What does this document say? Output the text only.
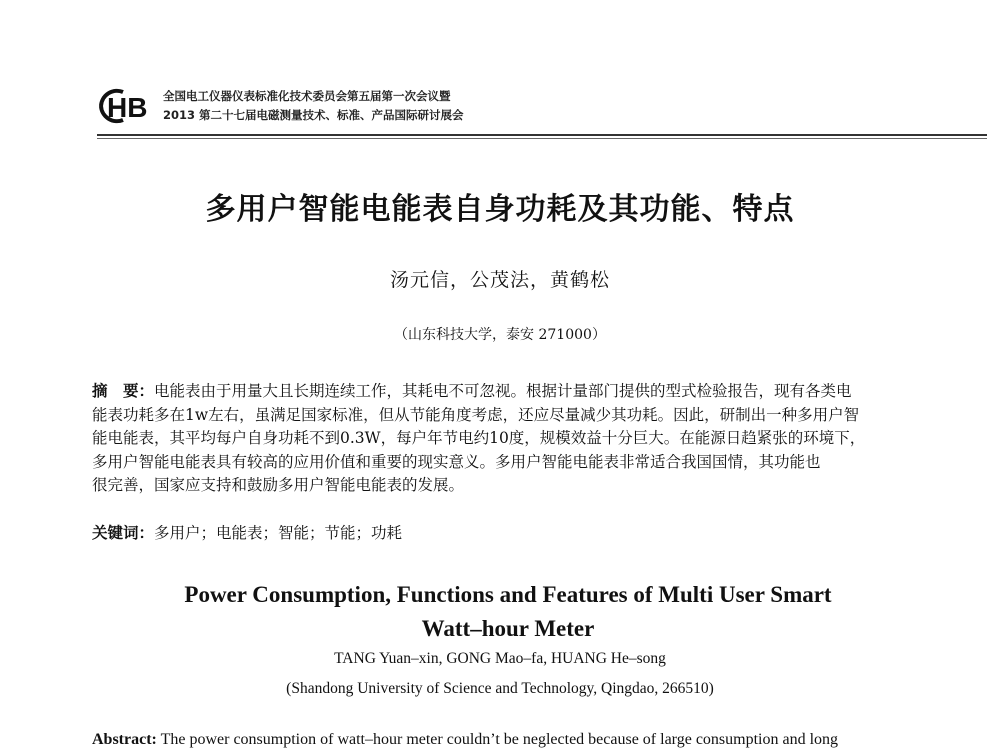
HB 全国电工仪器仪表标准化技术委员会第五届第一次会议暨
2013 第二十七届电磁测量技术、标准、产品国际研讨展会
多用户智能电能表自身功耗及其功能、特点
汤元信，公茂法，黄鹤松
（山东科技大学，泰安 271000）
摘　要：电能表由于用量大且长期连续工作，其耗电不可忽视。根据计量部门提供的型式检验报告，现有各类电
能表功耗多在1w左右，虽满足国家标准，但从节能角度考虑，还应尽量减少其功耗。因此，研制出一种多用户智
能电能表，其平均每户自身功耗不到0.3W，每户年节电约10度，规模效益十分巨大。在能源日趋紧张的环境下，
多用户智能电能表具有较高的应用价值和重要的现实意义。多用户智能电能表非常适合我国国情，其功能也
很完善，国家应支持和鼓励多用户智能电能表的发展。
关键词：多用户；电能表；智能；节能；功耗
Power Consumption, Functions and Features of Multi User Smart
Watt–hour Meter
TANG Yuan–xin, GONG Mao–fa, HUANG He–song
(Shandong University of Science and Technology, Qingdao, 266510)
Abstract: The power consumption of watt–hour meter couldn’t be neglected because of large consumption and long
